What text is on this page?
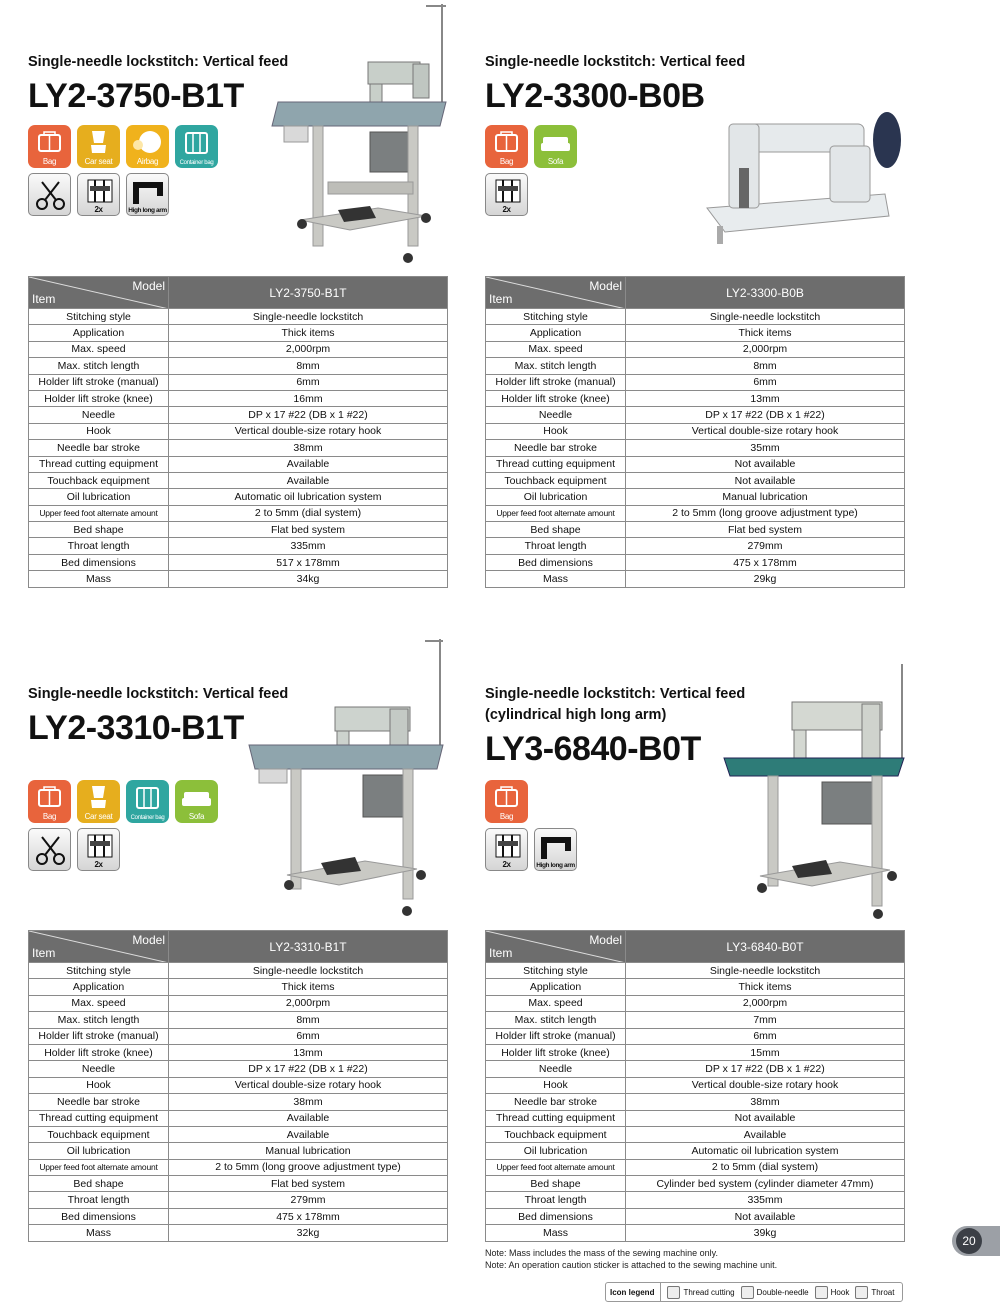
Single-needle lockstitch: Vertical feed
LY2-3750-B1T
Bag	Car seat	Airbag	Container bag
2x	High long arm
Model
Item	LY2-3750-B1T
Stitching style	Single-needle lockstitch
Application	Thick items
Max. speed	2,000rpm
Max. stitch length	8mm
Holder lift stroke (manual)	6mm
Holder lift stroke (knee)	16mm
Needle	DP x 17 #22 (DB x 1 #22)
Hook	Vertical double-size rotary hook
Needle bar stroke	38mm
Thread cutting equipment	Available
Touchback equipment	Available
Oil lubrication	Automatic oil lubrication system
Upper feed foot alternate amount	2 to 5mm (dial system)
Bed shape	Flat bed system
Throat length	335mm
Bed dimensions	517 x 178mm
Mass	34kg
Single-needle lockstitch: Vertical feed
LY2-3300-B0B
Bag	Sofa
2x
Model
Item	LY2-3300-B0B
Stitching style	Single-needle lockstitch
Application	Thick items
Max. speed	2,000rpm
Max. stitch length	8mm
Holder lift stroke (manual)	6mm
Holder lift stroke (knee)	13mm
Needle	DP x 17 #22 (DB x 1 #22)
Hook	Vertical double-size rotary hook
Needle bar stroke	35mm
Thread cutting equipment	Not available
Touchback equipment	Not available
Oil lubrication	Manual lubrication
Upper feed foot alternate amount	2 to 5mm (long groove adjustment type)
Bed shape	Flat bed system
Throat length	279mm
Bed dimensions	475 x 178mm
Mass	29kg
Single-needle lockstitch: Vertical feed
LY2-3310-B1T
Bag	Car seat	Container bag	Sofa
2x
Model
Item	LY2-3310-B1T
Stitching style	Single-needle lockstitch
Application	Thick items
Max. speed	2,000rpm
Max. stitch length	8mm
Holder lift stroke (manual)	6mm
Holder lift stroke (knee)	13mm
Needle	DP x 17 #22 (DB x 1 #22)
Hook	Vertical double-size rotary hook
Needle bar stroke	38mm
Thread cutting equipment	Available
Touchback equipment	Available
Oil lubrication	Manual lubrication
Upper feed foot alternate amount	2 to 5mm (long groove adjustment type)
Bed shape	Flat bed system
Throat length	279mm
Bed dimensions	475 x 178mm
Mass	32kg
Single-needle lockstitch: Vertical feed
(cylindrical high long arm)
LY3-6840-B0T
Bag
2x	High long arm
Model
Item	LY3-6840-B0T
Stitching style	Single-needle lockstitch
Application	Thick items
Max. speed	2,000rpm
Max. stitch length	7mm
Holder lift stroke (manual)	6mm
Holder lift stroke (knee)	15mm
Needle	DP x 17 #22 (DB x 1 #22)
Hook	Vertical double-size rotary hook
Needle bar stroke	38mm
Thread cutting equipment	Not available
Touchback equipment	Available
Oil lubrication	Automatic oil lubrication system
Upper feed foot alternate amount	2 to 5mm (dial system)
Bed shape	Cylinder bed system (cylinder diameter 47mm)
Throat length	335mm
Bed dimensions	Not available
Mass	39kg
Note: Mass includes the mass of the sewing machine only.
Note: An operation caution sticker is attached to the sewing machine unit.
Icon legend	Thread cutting	Double-needle	Hook	Throat
20
